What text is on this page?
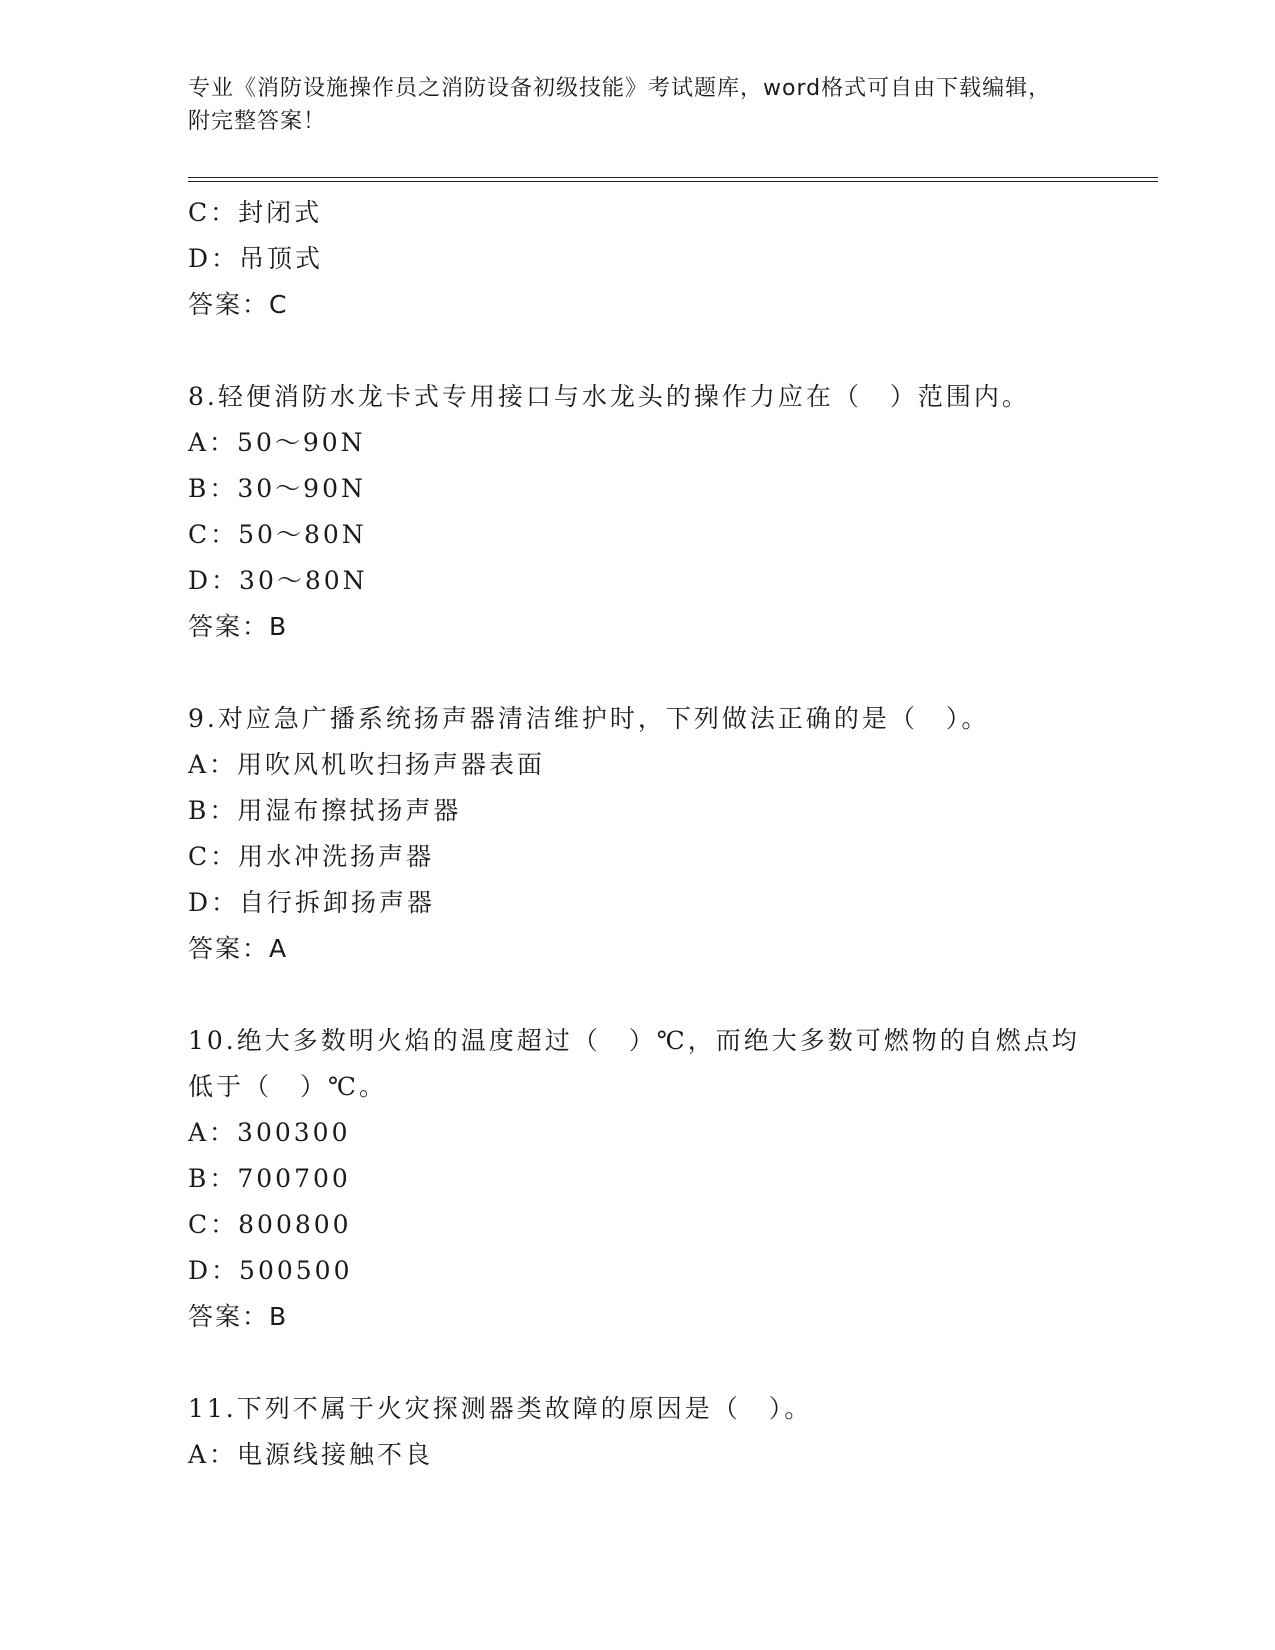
专业《消防设施操作员之消防设备初级技能》考试题库，word格式可自由下载编辑，附完整答案！
C：封闭式
D：吊顶式
答案：C
8.轻便消防水龙卡式专用接口与水龙头的操作力应在（　）范围内。
A：50～90N
B：30～90N
C：50～80N
D：30～80N
答案：B
9.对应急广播系统扬声器清洁维护时，下列做法正确的是（　）。
A：用吹风机吹扫扬声器表面
B：用湿布擦拭扬声器
C：用水冲洗扬声器
D：自行拆卸扬声器
答案：A
10.绝大多数明火焰的温度超过（　）℃，而绝大多数可燃物的自燃点均低于（　）℃。
A：300300
B：700700
C：800800
D：500500
答案：B
11.下列不属于火灾探测器类故障的原因是（　）。
A：电源线接触不良
